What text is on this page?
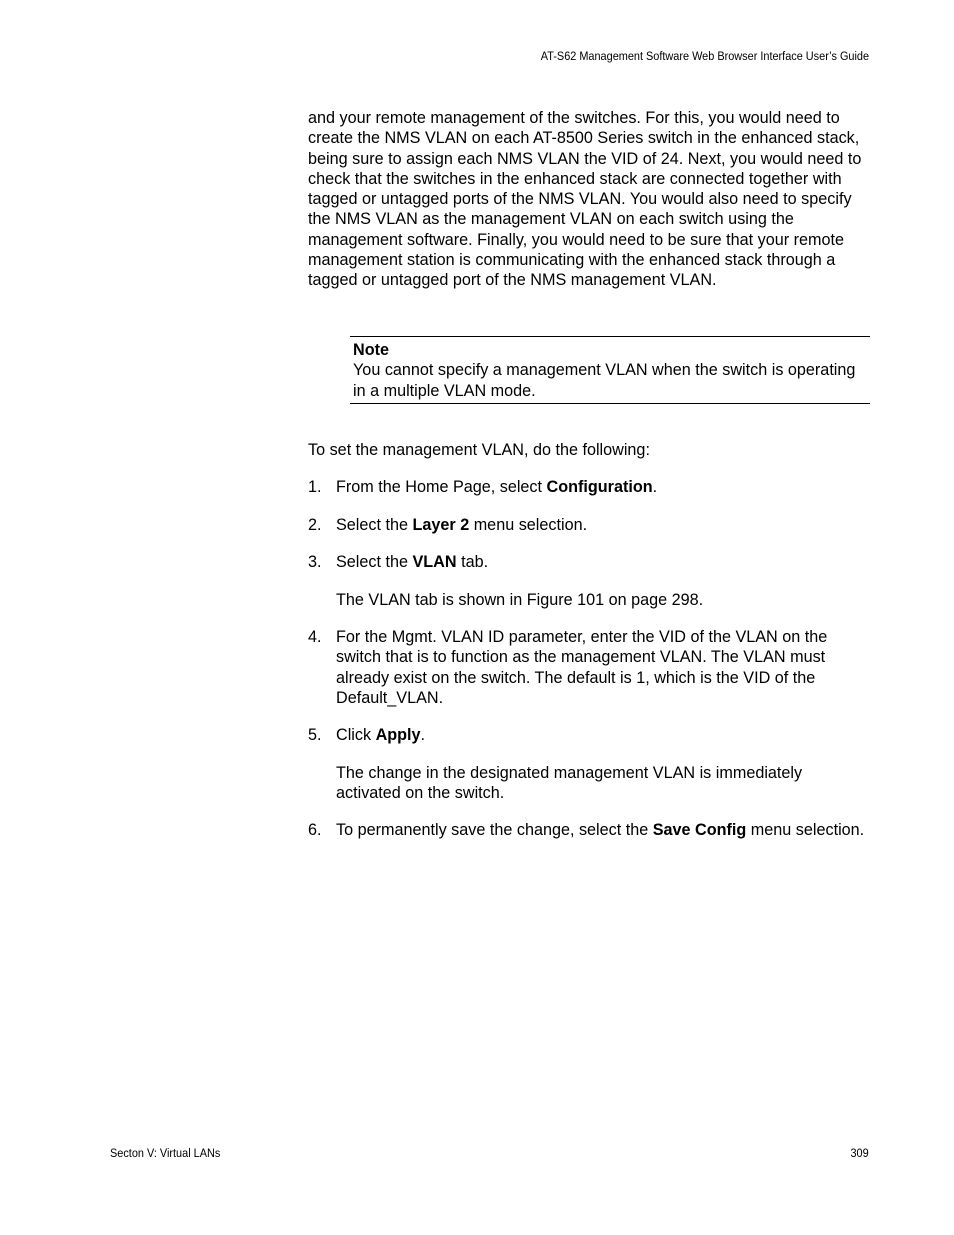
AT-S62 Management Software Web Browser Interface User’s Guide
and your remote management of the switches. For this, you would need to create the NMS VLAN on each AT-8500 Series switch in the enhanced stack, being sure to assign each NMS VLAN the VID of 24. Next, you would need to check that the switches in the enhanced stack are connected together with tagged or untagged ports of the NMS VLAN. You would also need to specify the NMS VLAN as the management VLAN on each switch using the management software. Finally, you would need to be sure that your remote management station is communicating with the enhanced stack through a tagged or untagged port of the NMS management VLAN.
Note
You cannot specify a management VLAN when the switch is operating in a multiple VLAN mode.
To set the management VLAN, do the following:
1. From the Home Page, select Configuration.
2. Select the Layer 2 menu selection.
3. Select the VLAN tab.
The VLAN tab is shown in Figure 101 on page 298.
4. For the Mgmt. VLAN ID parameter, enter the VID of the VLAN on the switch that is to function as the management VLAN. The VLAN must already exist on the switch. The default is 1, which is the VID of the Default_VLAN.
5. Click Apply.
The change in the designated management VLAN is immediately activated on the switch.
6. To permanently save the change, select the Save Config menu selection.
Secton V: Virtual LANs	309
